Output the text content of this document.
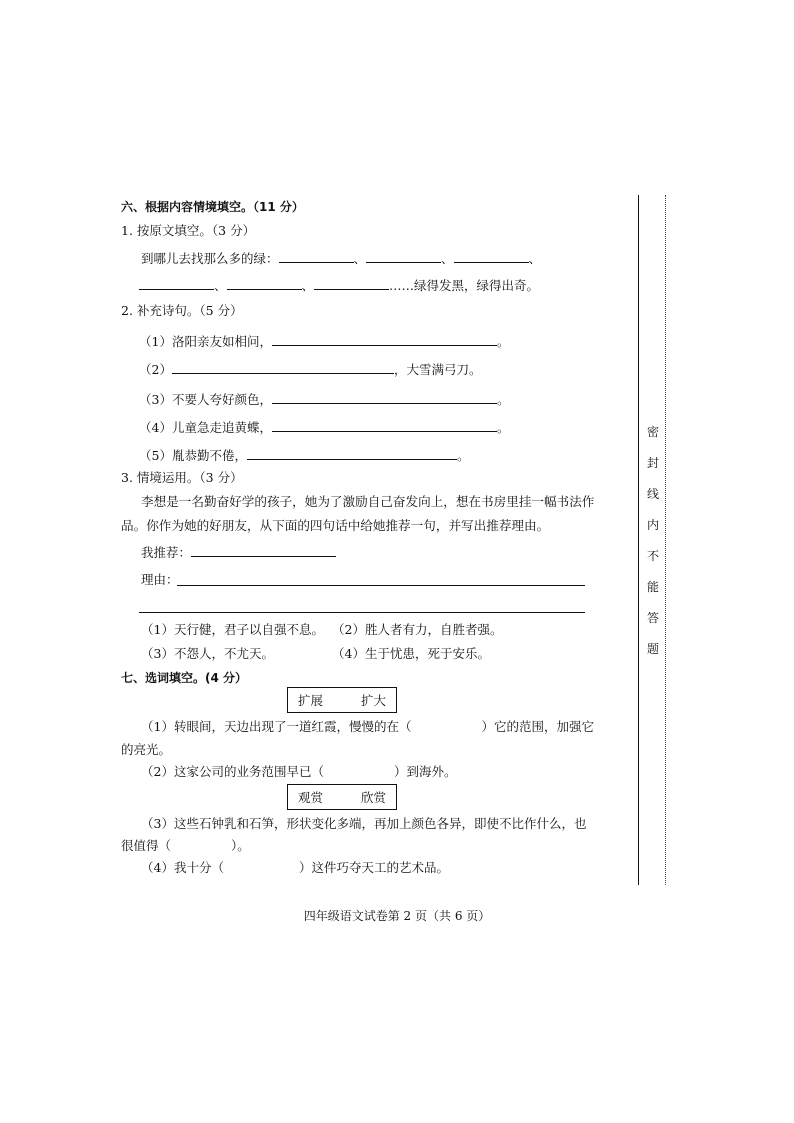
六、根据内容情境填空。（11 分）
1. 按原文填空。（3 分）
到哪儿去找那么多的绿：	、	、	、
、	、	……绿得发黑，绿得出奇。
2. 补充诗句。（5 分）
（1）洛阳亲友如相问，	。
（2）	，大雪满弓刀。
（3）不要人夸好颜色，	。
（4）儿童急走追黄蝶，	。
（5）胤恭勤不倦，	。
3. 情境运用。（3 分）
李想是一名勤奋好学的孩子，她为了激励自己奋发向上，想在书房里挂一幅书法作
品。你作为她的好朋友，从下面的四句话中给她推荐一句，并写出推荐理由。
我推荐：
理由：
（1）天行健，君子以自强不息。 （2）胜人者有力，自胜者强。
（3）不怨人，不尤天。	（4）生于忧患，死于安乐。
七、选词填空。(4 分）
扩展	扩大
（1）转眼间，天边出现了一道红霞，慢慢的在（	）它的范围，加强它
的亮光。
（2）这家公司的业务范围早已（	）到海外。
观赏	欣赏
（3）这些石钟乳和石笋，形状变化多端，再加上颜色各异，即使不比作什么，也
很值得（	）。
（4）我十分（	）这件巧夺天工的艺术品。
密
封
线
内
不
能
答
题
四年级语文试卷第 2 页（共 6 页）
